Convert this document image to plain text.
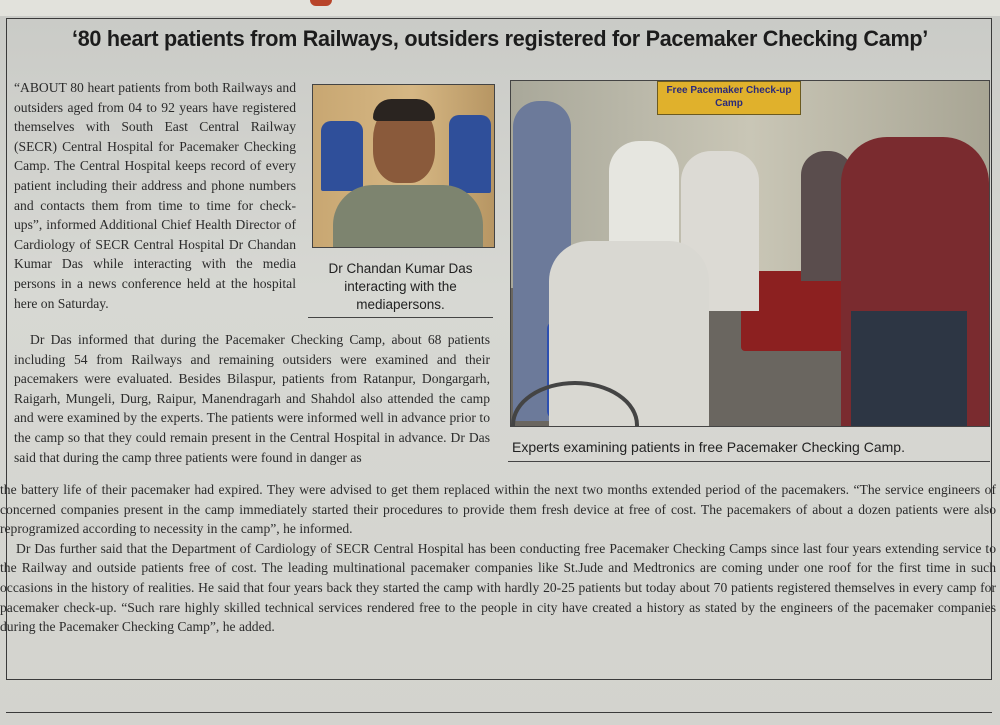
‘80 heart patients from Railways, outsiders registered for Pacemaker Checking Camp’

“ABOUT 80 heart patients from both Railways and outsiders aged from 04 to 92 years have registered themselves with South East Central Railway (SECR) Central Hospital for Pacemaker Checking Camp. The Central Hospital keeps record of every patient including their address and phone numbers and contacts them from time to time for check-ups”, informed Additional Chief Health Director of Cardiology of SECR Central Hospital Dr Chandan Kumar Das while interacting with the media persons in a news conference held at the hospital here on Saturday.

Dr Chandan Kumar Das interacting with the mediapersons.

Dr Das informed that during the Pacemaker Checking Camp, about 68 patients including 54 from Railways and remaining outsiders were examined and their pacemakers were evaluated. Besides Bilaspur, patients from Ratanpur, Dongargarh, Raigarh, Mungeli, Durg, Raipur, Manendragarh and Shahdol also attended the camp and were examined by the experts. The patients were informed well in advance prior to the camp so that they could remain present in the Central Hospital in advance. Dr Das said that during the camp three patients were found in danger as

Free Pacemaker Check-up Camp
Experts examining patients in free Pacemaker Checking Camp.

the battery life of their pacemaker had expired. They were advised to get them replaced within the next two months extended period of the pacemakers. “The service engineers of concerned companies present in the camp immediately started their procedures to provide them fresh device at free of cost. The pacemakers of about a dozen patients were also reprogramized according to necessity in the camp”, he informed.

Dr Das further said that the Department of Cardiology of SECR Central Hospital has been conducting free Pacemaker Checking Camps since last four years extending service to the Railway and outside patients free of cost. The leading multinational pacemaker companies like St.Jude and Medtronics are coming under one roof for the first time in such occasions in the history of realities. He said that four years back they started the camp with hardly 20-25 patients but today about 70 patients registered themselves in every camp for pacemaker check-up. “Such rare highly skilled technical services rendered free to the people in city have created a history as stated by the engineers of the pacemaker companies during the Pacemaker Checking Camp”, he added.
